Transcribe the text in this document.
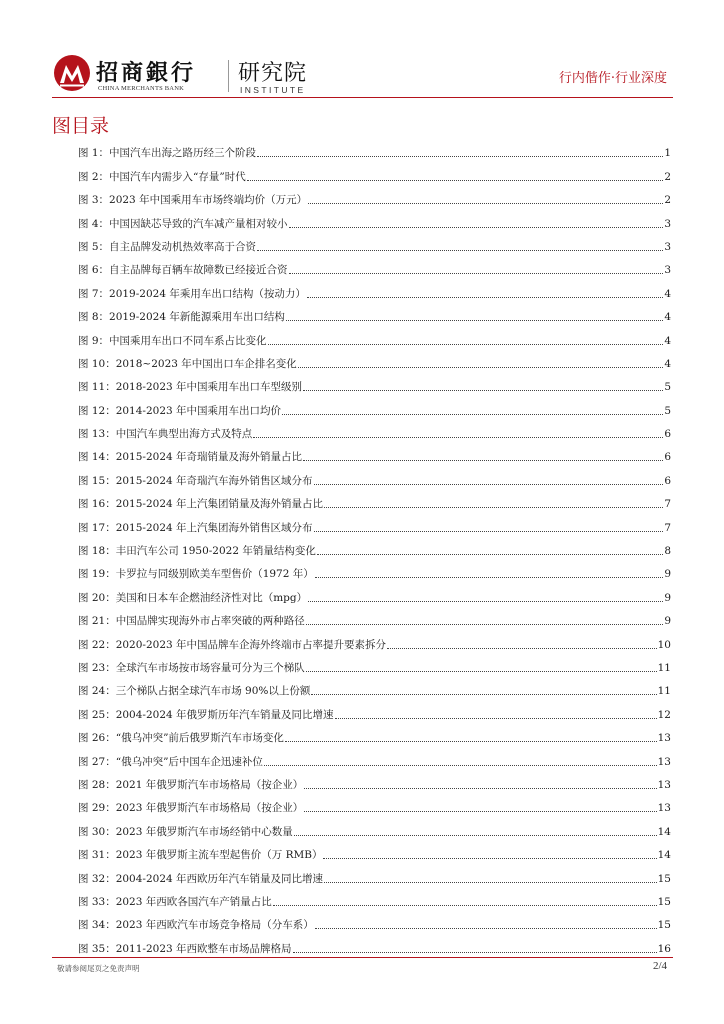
招商銀行
CHINA MERCHANTS BANK
研究院
INSTITUTE
行内偕作·行业深度
图目录
图 1：中国汽车出海之路历经三个阶段	1
图 2：中国汽车内需步入“存量”时代	2
图 3：2023 年中国乘用车市场终端均价（万元）	2
图 4：中国因缺芯导致的汽车减产量相对较小	3
图 5：自主品牌发动机热效率高于合资	3
图 6：自主品牌每百辆车故障数已经接近合资	3
图 7：2019-2024 年乘用车出口结构（按动力）	4
图 8：2019-2024 年新能源乘用车出口结构	4
图 9：中国乘用车出口不同车系占比变化	4
图 10：2018~2023 年中国出口车企排名变化	4
图 11：2018-2023 年中国乘用车出口车型级别	5
图 12：2014-2023 年中国乘用车出口均价	5
图 13：中国汽车典型出海方式及特点	6
图 14：2015-2024 年奇瑞销量及海外销量占比	6
图 15：2015-2024 年奇瑞汽车海外销售区域分布	6
图 16：2015-2024 年上汽集团销量及海外销量占比	7
图 17：2015-2024 年上汽集团海外销售区域分布	7
图 18：丰田汽车公司 1950-2022 年销量结构变化	8
图 19：卡罗拉与同级别欧美车型售价（1972 年）	9
图 20：美国和日本车企燃油经济性对比（mpg）	9
图 21：中国品牌实现海外市占率突破的两种路径	9
图 22：2020-2023 年中国品牌车企海外终端市占率提升要素拆分	10
图 23：全球汽车市场按市场容量可分为三个梯队	11
图 24：三个梯队占据全球汽车市场 90%以上份额	11
图 25：2004-2024 年俄罗斯历年汽车销量及同比增速	12
图 26：“俄乌冲突”前后俄罗斯汽车市场变化	13
图 27：“俄乌冲突”后中国车企迅速补位	13
图 28：2021 年俄罗斯汽车市场格局（按企业）	13
图 29：2023 年俄罗斯汽车市场格局（按企业）	13
图 30：2023 年俄罗斯汽车市场经销中心数量	14
图 31：2023 年俄罗斯主流车型起售价（万 RMB）	14
图 32：2004-2024 年西欧历年汽车销量及同比增速	15
图 33：2023 年西欧各国汽车产销量占比	15
图 34：2023 年西欧汽车市场竞争格局（分车系）	15
图 35：2011-2023 年西欧整车市场品牌格局	16
敬请参阅尾页之免责声明	2/4
